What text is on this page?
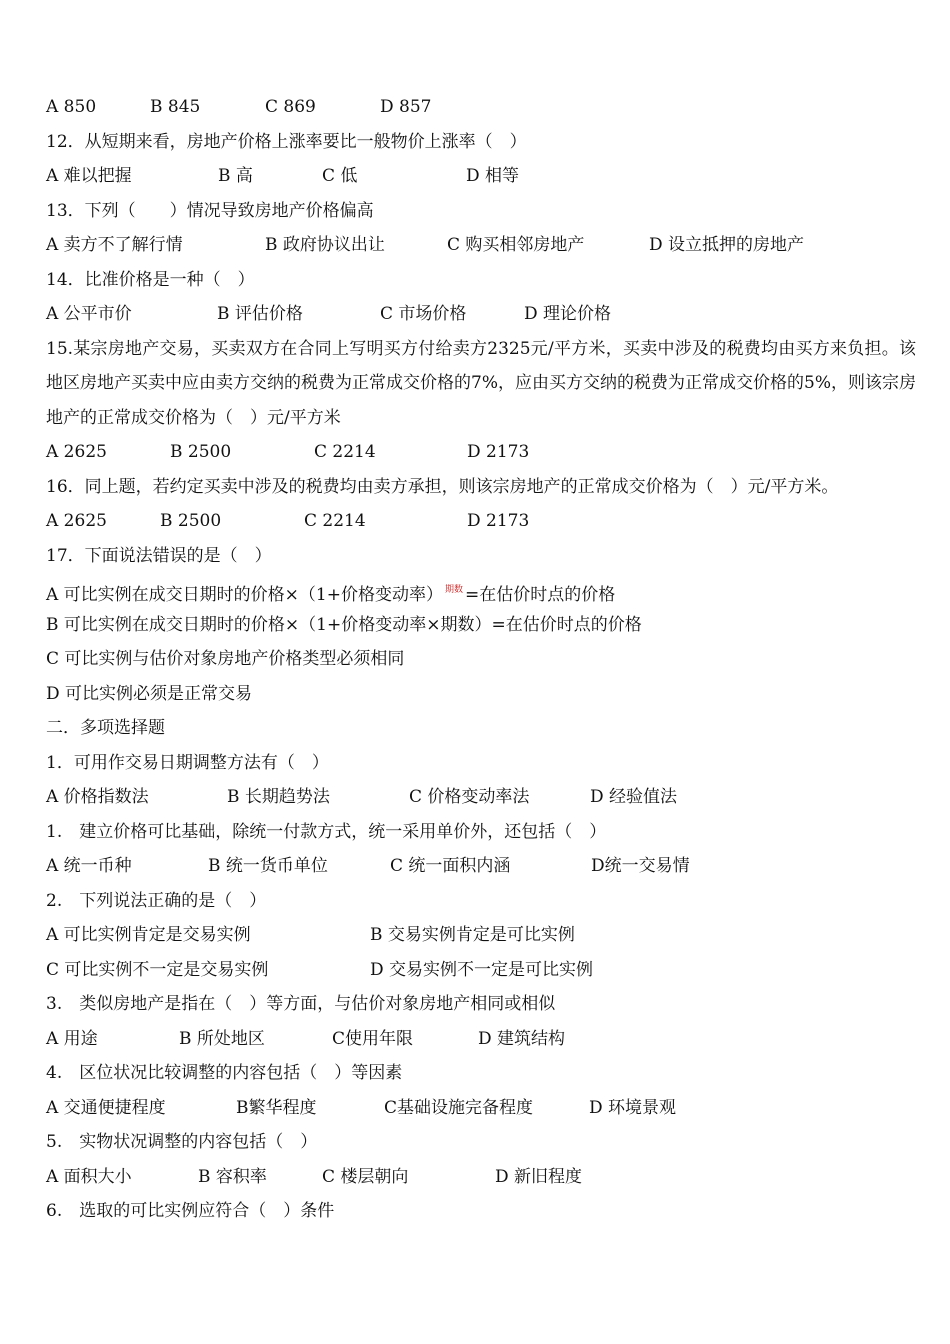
A 850	B 845	C 869	D 857
12．从短期来看，房地产价格上涨率要比一般物价上涨率（　）
A 难以把握	B 高	C 低	D 相等
13．下列（　　）情况导致房地产价格偏高
A 卖方不了解行情	B 政府协议出让	C 购买相邻房地产	D 设立抵押的房地产
14．比准价格是一种（　）
A 公平市价	B 评估价格	C 市场价格	D 理论价格
15.某宗房地产交易，买卖双方在合同上写明买方付给卖方2325元/平方米，买卖中涉及的税费均由买方来负担。该地区房地产买卖中应由卖方交纳的税费为正常成交价格的7%，应由买方交纳的税费为正常成交价格的5%，则该宗房地产的正常成交价格为（　）元/平方米
A 2625	B 2500	C 2214	D 2173
16．同上题，若约定买卖中涉及的税费均由卖方承担，则该宗房地产的正常成交价格为（　）元/平方米。
A 2625	B 2500	C 2214	D 2173
17．下面说法错误的是（　）
A 可比实例在成交日期时的价格×（1+价格变动率） $^{期数}$ =在估价时点的价格
B 可比实例在成交日期时的价格×（1+价格变动率×期数）=在估价时点的价格
C 可比实例与估价对象房地产价格类型必须相同
D 可比实例必须是正常交易
二．多项选择题
1．可用作交易日期调整方法有（　）
A 价格指数法	B 长期趋势法	C 价格变动率法	D 经验值法
1.　建立价格可比基础，除统一付款方式，统一采用单价外，还包括（　）
A 统一币种	B 统一货币单位	C 统一面积内涵	D统一交易情
2.　下列说法正确的是（　）
A 可比实例肯定是交易实例	B 交易实例肯定是可比实例
C 可比实例不一定是交易实例	D 交易实例不一定是可比实例
3.　类似房地产是指在（　）等方面，与估价对象房地产相同或相似
A 用途	B 所处地区	C使用年限	D 建筑结构
4.　区位状况比较调整的内容包括（　）等因素
A 交通便捷程度	B繁华程度	C基础设施完备程度	D 环境景观
5.　实物状况调整的内容包括（　）
A 面积大小	B 容积率	C 楼层朝向	D 新旧程度
6.　选取的可比实例应符合（　）条件
